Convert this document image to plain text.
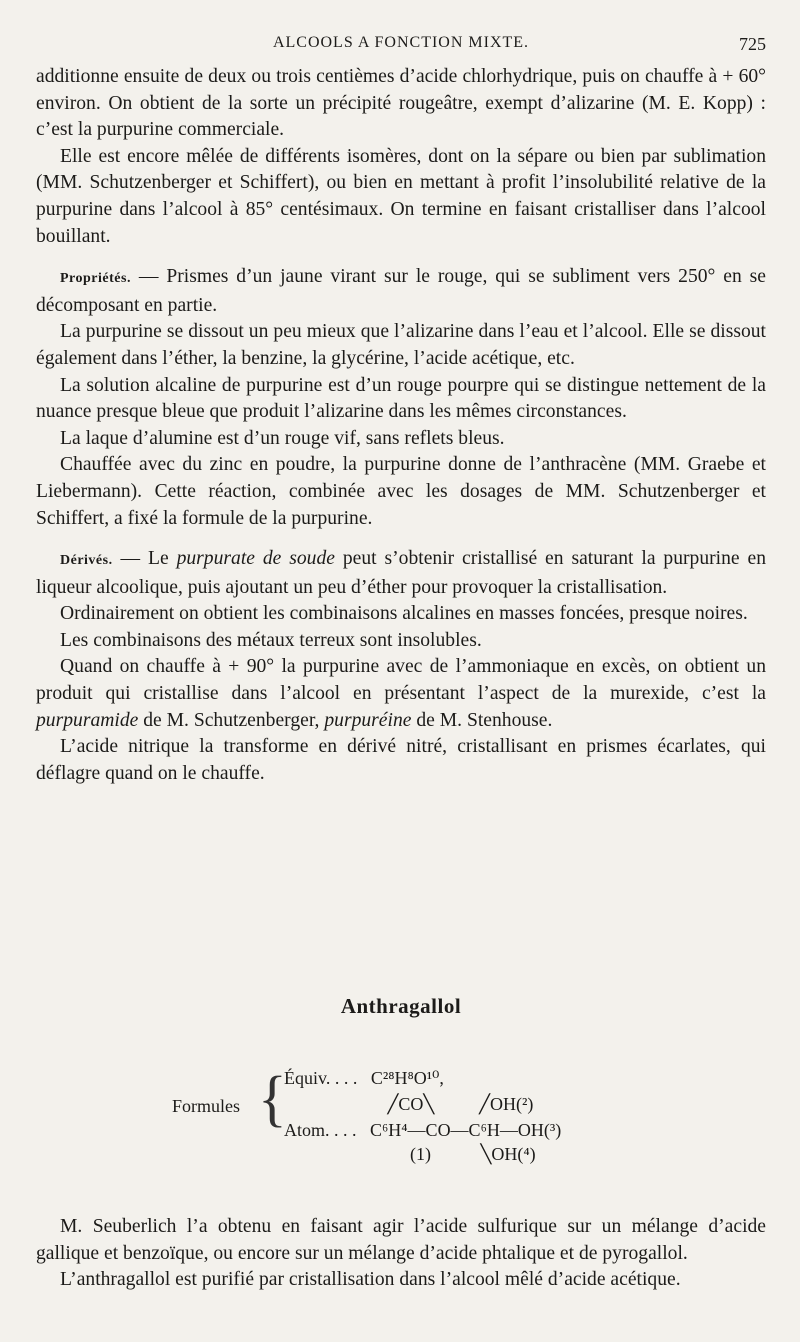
ALCOOLS A FONCTION MIXTE.	725

additionne ensuite de deux ou trois centièmes d’acide chlorhydrique, puis on chauffe à + 60° environ. On obtient de la sorte un précipité rougeâtre, exempt d’alizarine (M. E. Kopp) : c’est la purpurine commerciale.

Elle est encore mêlée de différents isomères, dont on la sépare ou bien par sublimation (MM. Schutzenberger et Schiffert), ou bien en mettant à profit l’insolubilité relative de la purpurine dans l’alcool à 85° centésimaux. On termine en faisant cristalliser dans l’alcool bouillant.

Propriétés. — Prismes d’un jaune virant sur le rouge, qui se subliment vers 250° en se décomposant en partie.

La purpurine se dissout un peu mieux que l’alizarine dans l’eau et l’alcool. Elle se dissout également dans l’éther, la benzine, la glycérine, l’acide acétique, etc.

La solution alcaline de purpurine est d’un rouge pourpre qui se distingue nettement de la nuance presque bleue que produit l’alizarine dans les mêmes circonstances.

La laque d’alumine est d’un rouge vif, sans reflets bleus.

Chauffée avec du zinc en poudre, la purpurine donne de l’anthracène (MM. Graebe et Liebermann). Cette réaction, combinée avec les dosages de MM. Schutzenberger et Schiffert, a fixé la formule de la purpurine.

Dérivés. — Le purpurate de soude peut s’obtenir cristallisé en saturant la purpurine en liqueur alcoolique, puis ajoutant un peu d’éther pour provoquer la cristallisation.

Ordinairement on obtient les combinaisons alcalines en masses foncées, presque noires.

Les combinaisons des métaux terreux sont insolubles.

Quand on chauffe à + 90° la purpurine avec de l’ammoniaque en excès, on obtient un produit qui cristallise dans l’alcool en présentant l’aspect de la murexide, c’est la purpuramide de M. Schutzenberger, purpuréine de M. Stenhouse.

L’acide nitrique la transforme en dérivé nitré, cristallisant en prismes écarlates, qui déflagre quand on le chauffe.

Anthragallol
Formules {
Équiv. . . .   C²⁸H⁸O¹⁰,
╱CO╲          ╱OH(²)
Atom. . . .   C⁶H⁴—CO—C⁶H—OH(³)
(1)           ╲OH(⁴)

M. Seuberlich l’a obtenu en faisant agir l’acide sulfurique sur un mélange d’acide gallique et benzoïque, ou encore sur un mélange d’acide phtalique et de pyrogallol.

L’anthragallol est purifié par cristallisation dans l’alcool mêlé d’acide acétique.
